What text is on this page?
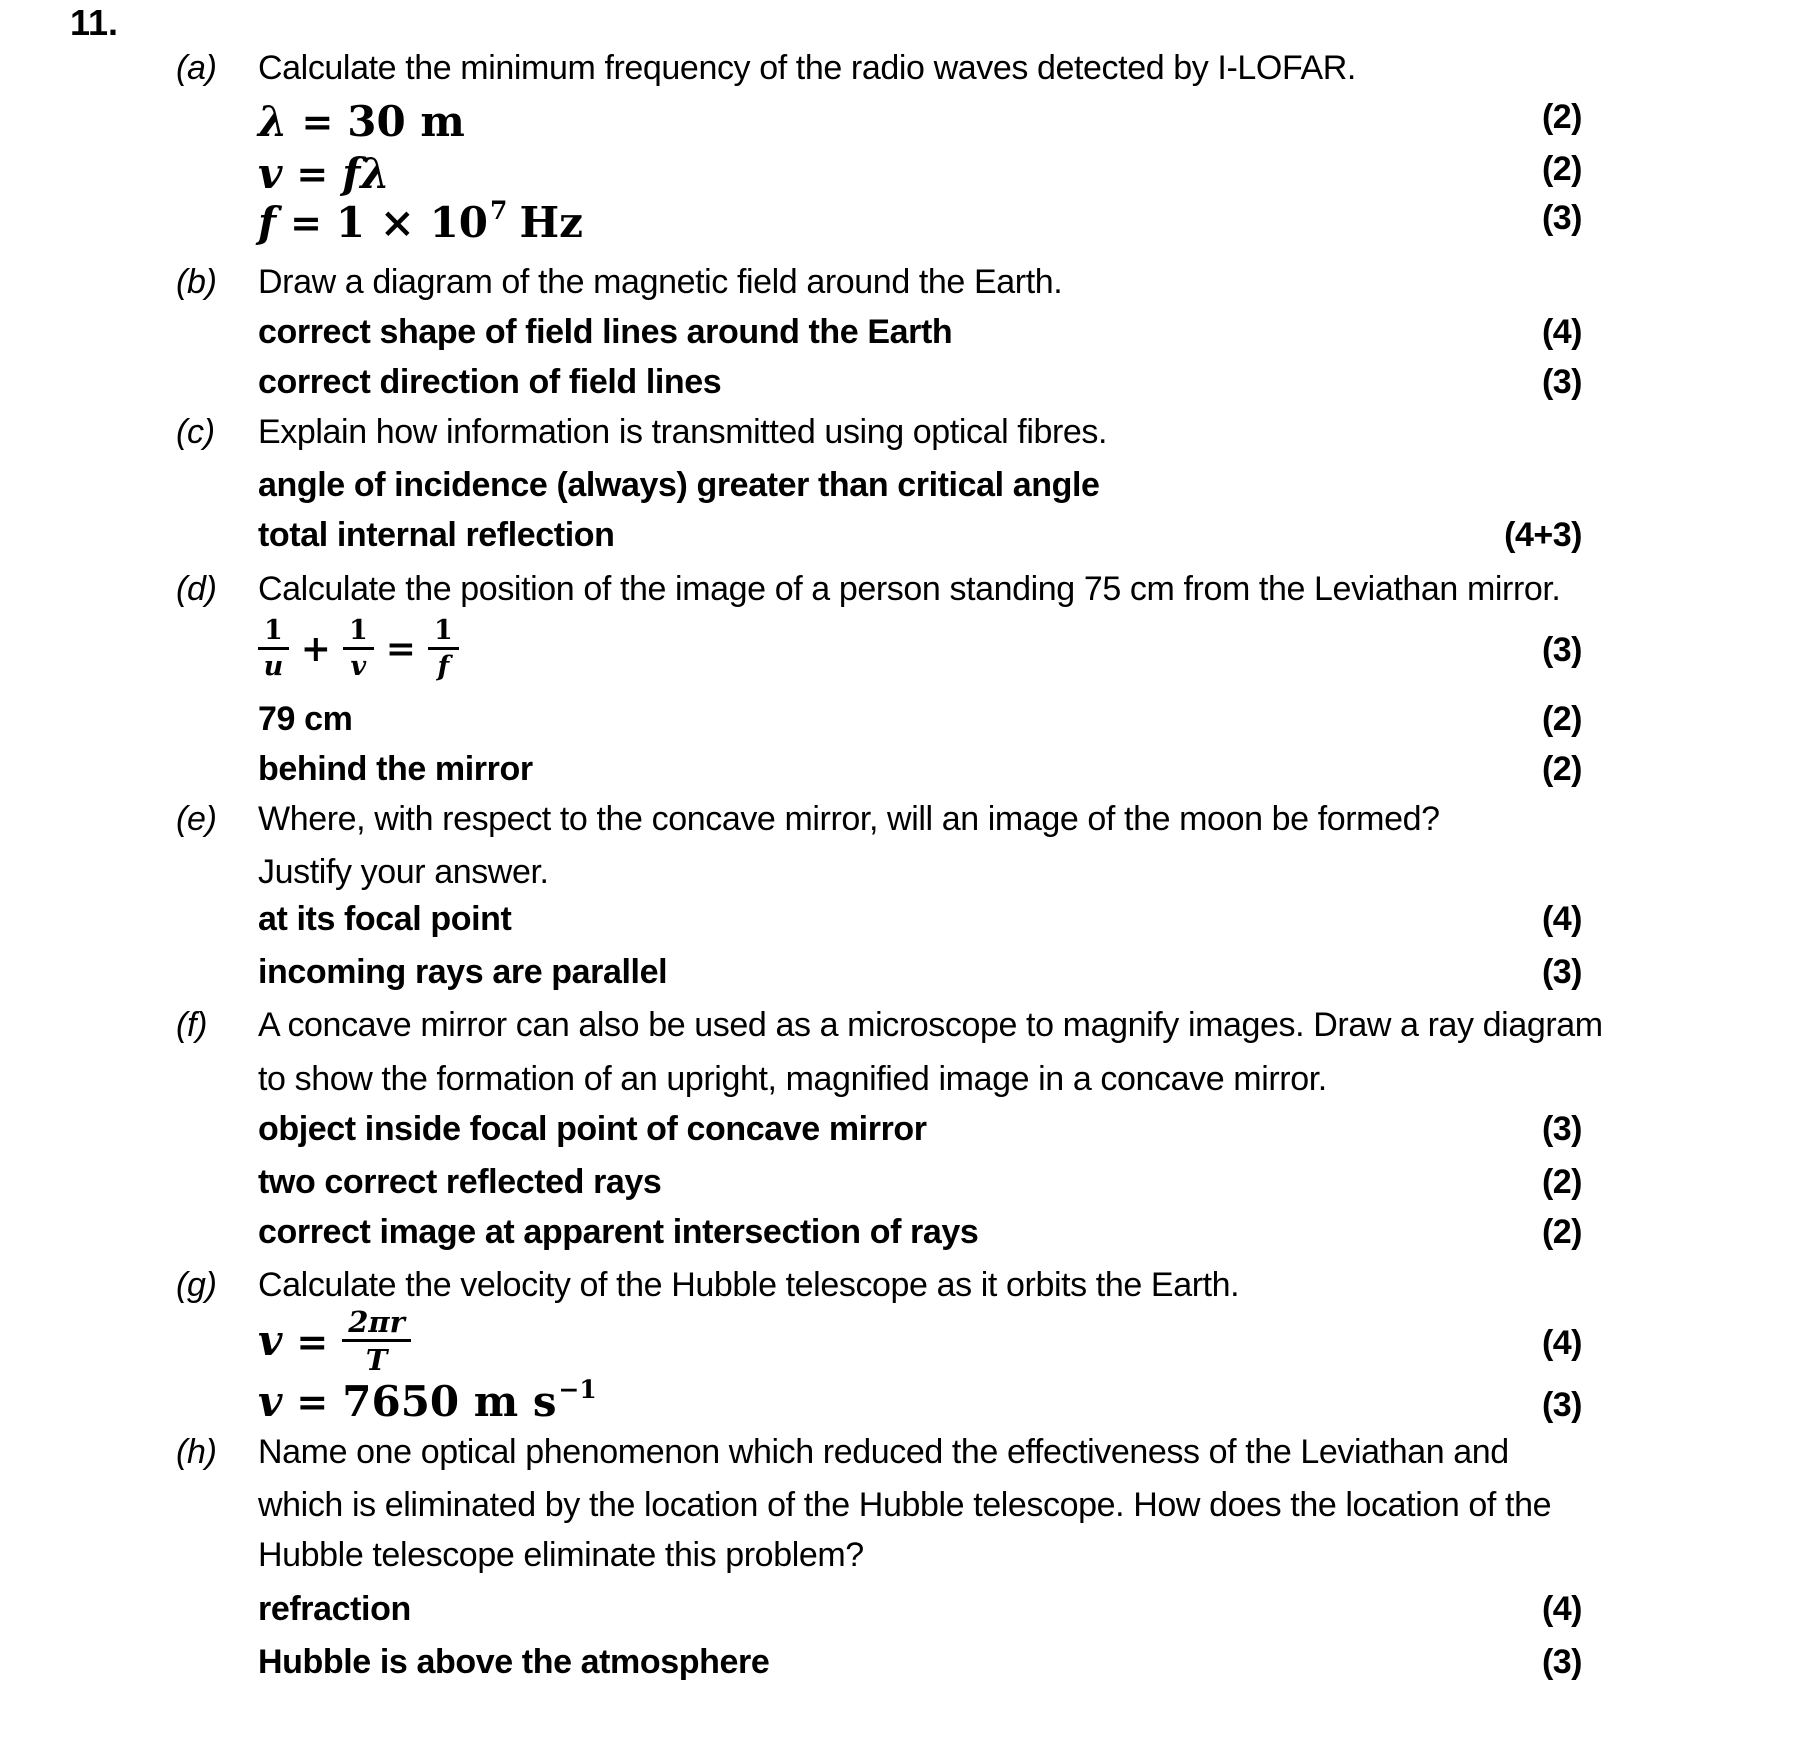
11.
(a) Calculate the minimum frequency of the radio waves detected by I-LOFAR.
λ = 30 m	(2)
v = fλ	(2)
f = 1 × 10 7 Hz	(3)
(b) Draw a diagram of the magnetic field around the Earth.
correct shape of field lines around the Earth	(4)
correct direction of field lines	(3)
(c) Explain how information is transmitted using optical fibres.
angle of incidence (always) greater than critical angle
total internal reflection	(4+3)
(d) Calculate the position of the image of a person standing 75 cm from the Leviathan mirror.
$\frac{1}{u} + \frac{1}{v} = \frac{1}{f}$	(3)
79 cm	(2)
behind the mirror	(2)
(e) Where, with respect to the concave mirror, will an image of the moon be formed?
Justify your answer.
at its focal point	(4)
incoming rays are parallel	(3)
(f) A concave mirror can also be used as a microscope to magnify images. Draw a ray diagram
to show the formation of an upright, magnified image in a concave mirror.
object inside focal point of concave mirror	(3)
two correct reflected rays	(2)
correct image at apparent intersection of rays	(2)
(g) Calculate the velocity of the Hubble telescope as it orbits the Earth.
$v = \frac{2\pi r}{T}$	(4)
v = 7650 m s −1	(3)
(h) Name one optical phenomenon which reduced the effectiveness of the Leviathan and
which is eliminated by the location of the Hubble telescope. How does the location of the
Hubble telescope eliminate this problem?
refraction	(4)
Hubble is above the atmosphere	(3)
